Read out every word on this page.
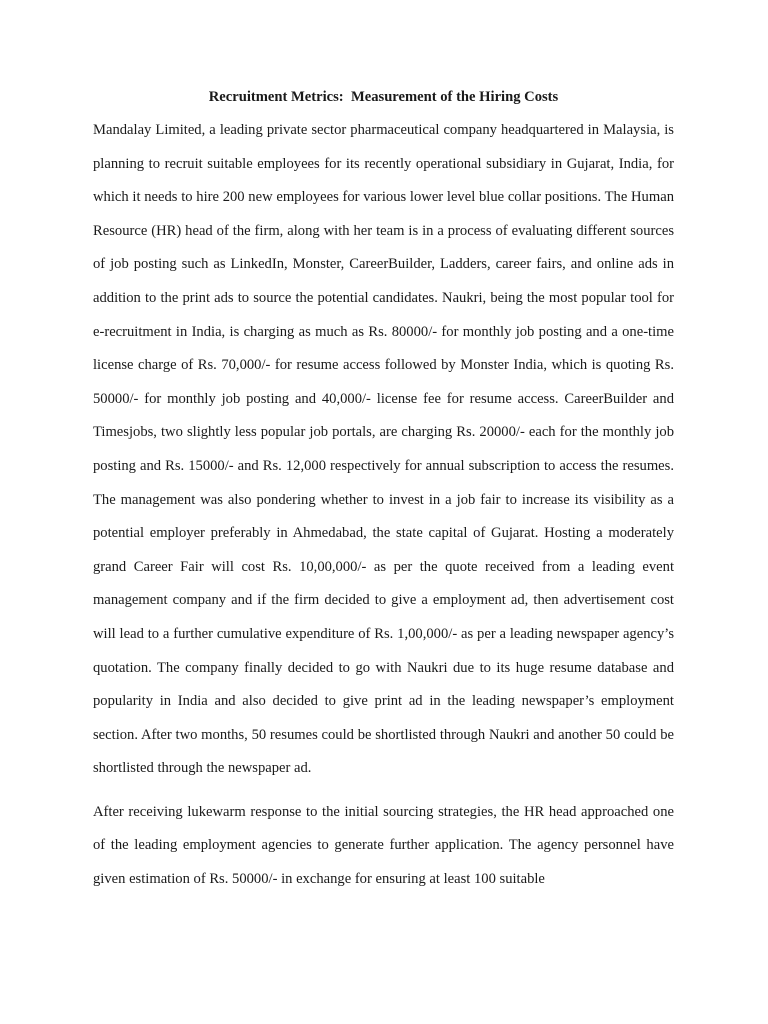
Recruitment Metrics:  Measurement of the Hiring Costs

Mandalay Limited, a leading private sector pharmaceutical company headquartered in Malaysia, is planning to recruit suitable employees for its recently operational subsidiary in Gujarat, India, for which it needs to hire 200 new employees for various lower level blue collar positions. The Human Resource (HR) head of the firm, along with her team is in a process of evaluating different sources of job posting such as LinkedIn, Monster, CareerBuilder, Ladders, career fairs, and online ads in addition to the print ads to source the potential candidates. Naukri, being the most popular tool for e-recruitment in India, is charging as much as Rs. 80000/- for monthly job posting and a one-time license charge of Rs. 70,000/- for resume access followed by Monster India, which is quoting Rs. 50000/- for monthly job posting and 40,000/- license fee for resume access. CareerBuilder and Timesjobs, two slightly less popular job portals, are charging Rs. 20000/- each for the monthly job posting and Rs. 15000/- and Rs. 12,000 respectively for annual subscription to access the resumes. The management was also pondering whether to invest in a job fair to increase its visibility as a potential employer preferably in Ahmedabad, the state capital of Gujarat. Hosting a moderately grand Career Fair will cost Rs. 10,00,000/- as per the quote received from a leading event management company and if the firm decided to give a employment ad, then advertisement cost will lead to a further cumulative expenditure of Rs. 1,00,000/- as per a leading newspaper agency’s quotation. The company finally decided to go with Naukri due to its huge resume database and popularity in India and also decided to give print ad in the leading newspaper’s employment section. After two months, 50 resumes could be shortlisted through Naukri and another 50 could be shortlisted through the newspaper ad.

After receiving lukewarm response to the initial sourcing strategies, the HR head approached one of the leading employment agencies to generate further application. The agency personnel have given estimation of Rs. 50000/- in exchange for ensuring at least 100 suitable
